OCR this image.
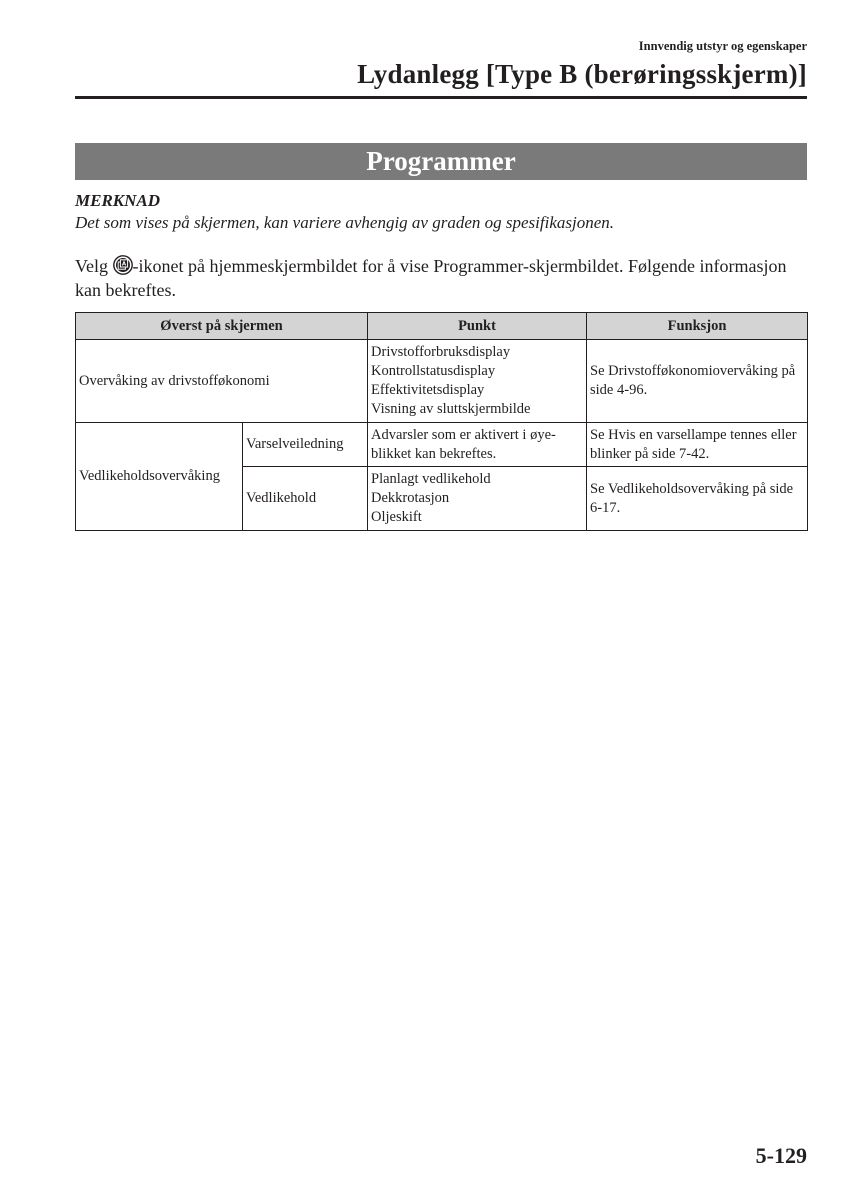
Innvendig utstyr og egenskaper
Lydanlegg [Type B (berøringsskjerm)]
Programmer
MERKNAD
Det som vises på skjermen, kan variere avhengig av graden og spesifikasjonen.
Velg -ikonet på hjemmeskjermbildet for å vise Programmer-skjermbildet. Følgende informasjon kan bekreftes.
Øverst på skjermen		Punkt	Funksjon
Overvåking av drivstofføkonomi		Drivstofforbruksdisplay
Kontrollstatusdisplay
Effektivitetsdisplay
Visning av sluttskjermbilde	Se Drivstofføkonomiovervåking på side 4-96.
Vedlikeholdsovervåking	Varselveiledning	Advarsler som er aktivert i øye-
blikket kan bekreftes.	Se Hvis en varsellampe tennes eller blinker på side 7-42.
	Vedlikehold	Planlagt vedlikehold
Dekkrotasjon
Oljeskift	Se Vedlikeholdsovervåking på side 6-17.
5-129
